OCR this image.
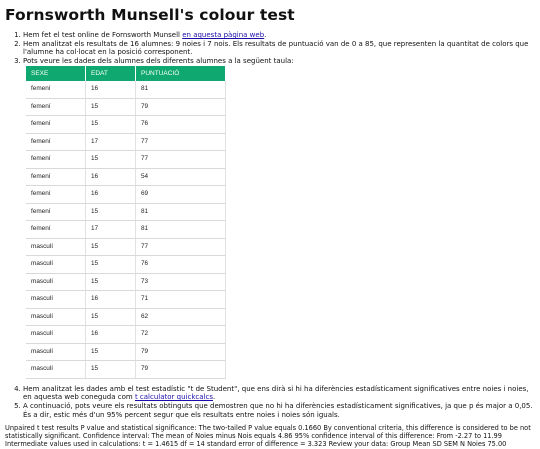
Fornsworth Munsell's colour test
1. Hem fet el test online de Fornsworth Munsell en aquesta pàgina web.
2. Hem analitzat els resultats de 16 alumnes: 9 noies i 7 nois. Els resultats de puntuació van de 0 a 85, que representen la quantitat de colors que l'alumne ha col·locat en la posició corresponent.
3. Pots veure les dades dels alumnes dels diferents alumnes a la següent taula:
SEXE	EDAT	PUNTUACIÓ
femení	16	81
femení	15	79
femení	15	76
femení	17	77
femení	15	77
femení	16	54
femení	16	69
femení	15	81
femení	17	81
masculí	15	77
masculí	15	76
masculí	15	73
masculí	16	71
masculí	15	62
masculí	16	72
masculí	15	79
masculí	15	79
4. Hem analitzat les dades amb el test estadístic "t de Student", que ens dirà si hi ha diferències estadísticament significatives entre noies i noies, en aquesta web coneguda com t calculator quickcalcs.
5. A continuació, pots veure els resultats obtinguts que demostren que no hi ha diferències estadísticament significatives, ja que p és major a 0,05. És a dir, estic més d'un 95% percent segur que els resultats entre noies i noies són iguals.

Unpaired t test results P value and statistical significance: The two-tailed P value equals 0.1660 By conventional criteria, this difference is considered to be not statistically significant. Confidence interval: The mean of Noies minus Nois equals 4.86 95% confidence interval of this difference: From -2.27 to 11.99 Intermediate values used in calculations: t = 1.4615 df = 14 standard error of difference = 3.323 Review your data: Group Mean SD SEM N Noies 75.00
